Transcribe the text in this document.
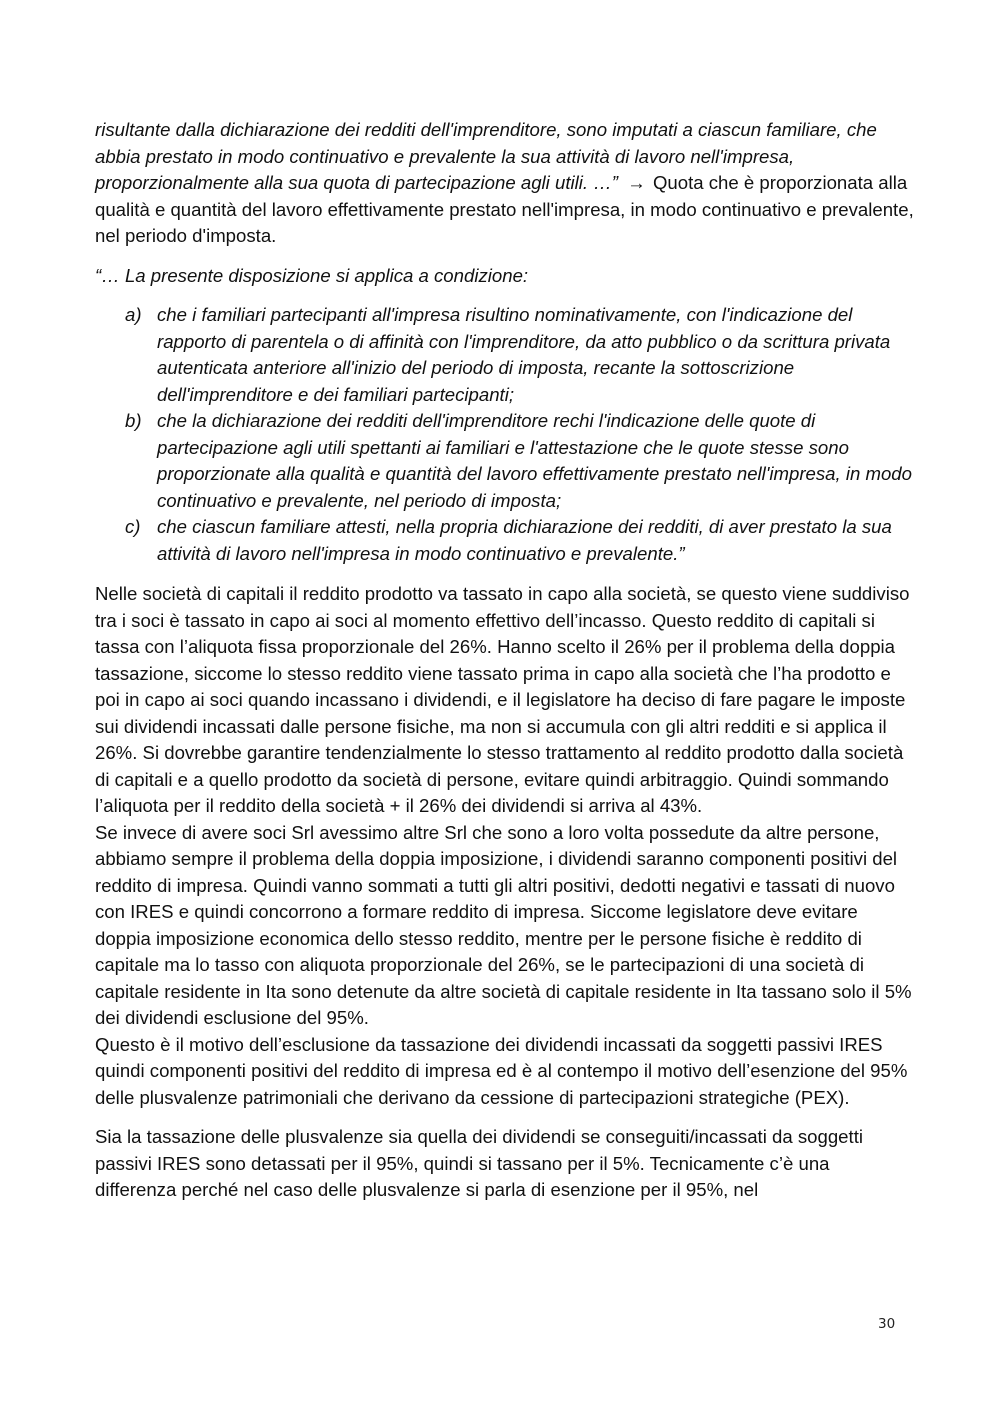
risultante dalla dichiarazione dei redditi dell'imprenditore, sono imputati a ciascun familiare, che abbia prestato in modo continuativo e prevalente la sua attività di lavoro nell'impresa, proporzionalmente alla sua quota di partecipazione agli utili. …” → Quota che è proporzionata alla qualità e quantità del lavoro effettivamente prestato nell'impresa, in modo continuativo e prevalente, nel periodo d'imposta.

“… La presente disposizione si applica a condizione:

a) che i familiari partecipanti all'impresa risultino nominativamente, con l'indicazione del rapporto di parentela o di affinità con l'imprenditore, da atto pubblico o da scrittura privata autenticata anteriore all'inizio del periodo di imposta, recante la sottoscrizione dell'imprenditore e dei familiari partecipanti;
b) che la dichiarazione dei redditi dell'imprenditore rechi l'indicazione delle quote di partecipazione agli utili spettanti ai familiari e l'attestazione che le quote stesse sono proporzionate alla qualità e quantità del lavoro effettivamente prestato nell'impresa, in modo continuativo e prevalente, nel periodo di imposta;
c) che ciascun familiare attesti, nella propria dichiarazione dei redditi, di aver prestato la sua attività di lavoro nell'impresa in modo continuativo e prevalente.”

Nelle società di capitali il reddito prodotto va tassato in capo alla società, se questo viene suddiviso tra i soci è tassato in capo ai soci al momento effettivo dell’incasso. Questo reddito di capitali si tassa con l’aliquota fissa proporzionale del 26%. Hanno scelto il 26% per il problema della doppia tassazione, siccome lo stesso reddito viene tassato prima in capo alla società che l’ha prodotto e poi in capo ai soci quando incassano i dividendi, e il legislatore ha deciso di fare pagare le imposte sui dividendi incassati dalle persone fisiche, ma non si accumula con gli altri redditi e si applica il 26%. Si dovrebbe garantire tendenzialmente lo stesso trattamento al reddito prodotto dalla società di capitali e a quello prodotto da società di persone, evitare quindi arbitraggio. Quindi sommando l’aliquota per il reddito della società + il 26% dei dividendi si arriva al 43%.

Se invece di avere soci Srl avessimo altre Srl che sono a loro volta possedute da altre persone, abbiamo sempre il problema della doppia imposizione, i dividendi saranno componenti positivi del reddito di impresa. Quindi vanno sommati a tutti gli altri positivi, dedotti negativi e tassati di nuovo con IRES e quindi concorrono a formare reddito di impresa. Siccome legislatore deve evitare doppia imposizione economica dello stesso reddito, mentre per le persone fisiche è reddito di capitale ma lo tasso con aliquota proporzionale del 26%, se le partecipazioni di una società di capitale residente in Ita sono detenute da altre società di capitale residente in Ita tassano solo il 5% dei dividendi esclusione del 95%.

Questo è il motivo dell’esclusione da tassazione dei dividendi incassati da soggetti passivi IRES quindi componenti positivi del reddito di impresa ed è al contempo il motivo dell’esenzione del 95% delle plusvalenze patrimoniali che derivano da cessione di partecipazioni strategiche (PEX).

Sia la tassazione delle plusvalenze sia quella dei dividendi se conseguiti/incassati da soggetti passivi IRES sono detassati per il 95%, quindi si tassano per il 5%. Tecnicamente c’è una differenza perché nel caso delle plusvalenze si parla di esenzione per il 95%, nel

30
